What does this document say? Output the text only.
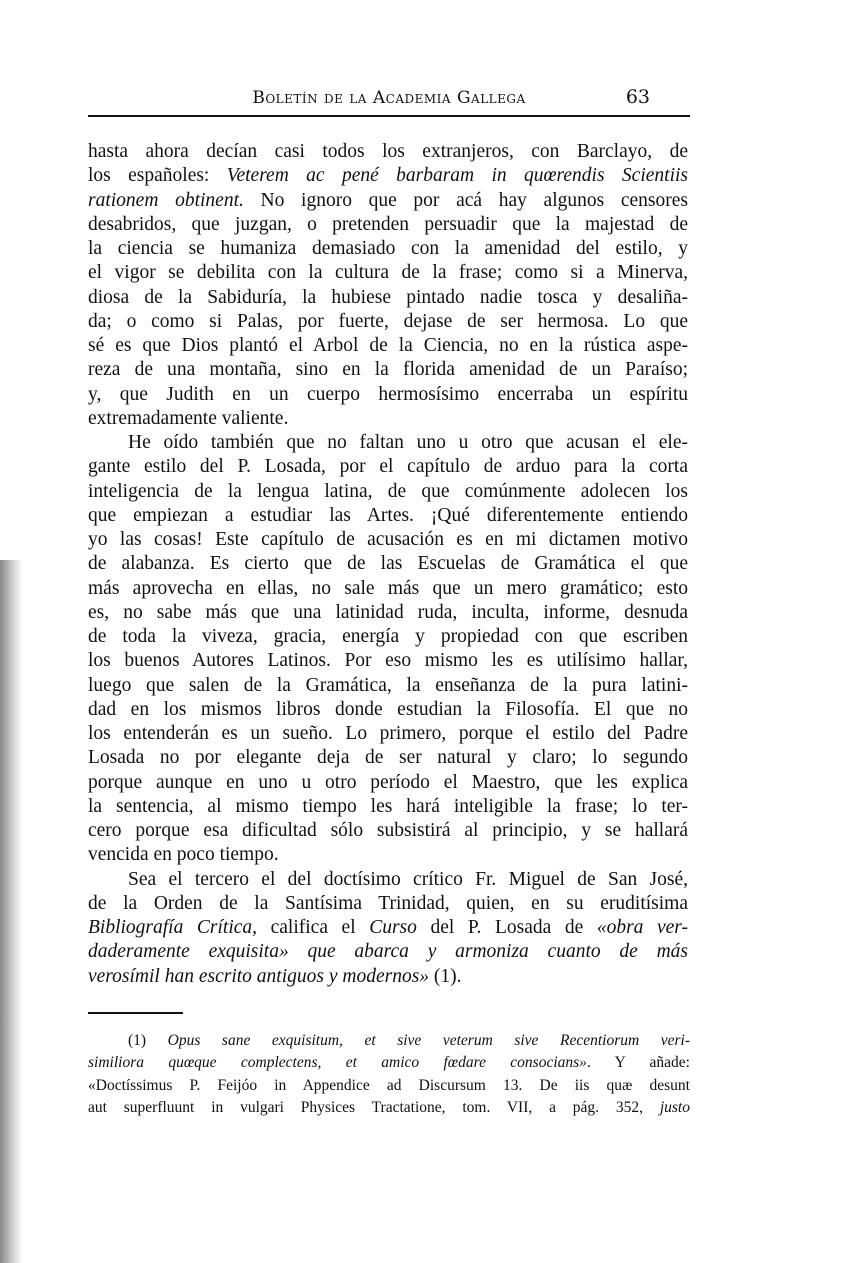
Boletín de la Academia Gallega	63
hasta ahora decían casi todos los extranjeros, con Barclayo, de
los españoles: Veterem ac pené barbaram in quœrendis Scientiis
rationem obtinent. No ignoro que por acá hay algunos censores
desabridos, que juzgan, o pretenden persuadir que la majestad de
la ciencia se humaniza demasiado con la amenidad del estilo, y
el vigor se debilita con la cultura de la frase; como si a Minerva,
diosa de la Sabiduría, la hubiese pintado nadie tosca y desaliña-
da; o como si Palas, por fuerte, dejase de ser hermosa. Lo que
sé es que Dios plantó el Arbol de la Ciencia, no en la rústica aspe-
reza de una montaña, sino en la florida amenidad de un Paraíso;
y, que Judith en un cuerpo hermosísimo encerraba un espíritu
extremadamente valiente.
He oído también que no faltan uno u otro que acusan el ele-
gante estilo del P. Losada, por el capítulo de arduo para la corta
inteligencia de la lengua latina, de que comúnmente adolecen los
que empiezan a estudiar las Artes. ¡Qué diferentemente entiendo
yo las cosas! Este capítulo de acusación es en mi dictamen motivo
de alabanza. Es cierto que de las Escuelas de Gramática el que
más aprovecha en ellas, no sale más que un mero gramático; esto
es, no sabe más que una latinidad ruda, inculta, informe, desnuda
de toda la viveza, gracia, energía y propiedad con que escriben
los buenos Autores Latinos. Por eso mismo les es utilísimo hallar,
luego que salen de la Gramática, la enseñanza de la pura latini-
dad en los mismos libros donde estudian la Filosofía. El que no
los entenderán es un sueño. Lo primero, porque el estilo del Padre
Losada no por elegante deja de ser natural y claro; lo segundo
porque aunque en uno u otro período el Maestro, que les explica
la sentencia, al mismo tiempo les hará inteligible la frase; lo ter-
cero porque esa dificultad sólo subsistirá al principio, y se hallará
vencida en poco tiempo.
Sea el tercero el del doctísimo crítico Fr. Miguel de San José,
de la Orden de la Santísima Trinidad, quien, en su eruditísima
Bibliografía Crítica, califica el Curso del P. Losada de «obra ver-
daderamente exquisita» que abarca y armoniza cuanto de más
verosímil han escrito antiguos y modernos» (1).
(1) Opus sane exquisitum, et sive veterum sive Recentiorum veri-
similiora quœque complectens, et amico fœdare consocians». Y añade:
«Doctíssimus P. Feijóo in Appendice ad Discursum 13. De iis quæ desunt
aut superfluunt in vulgari Physices Tractatione, tom. VII, a pág. 352, justo
